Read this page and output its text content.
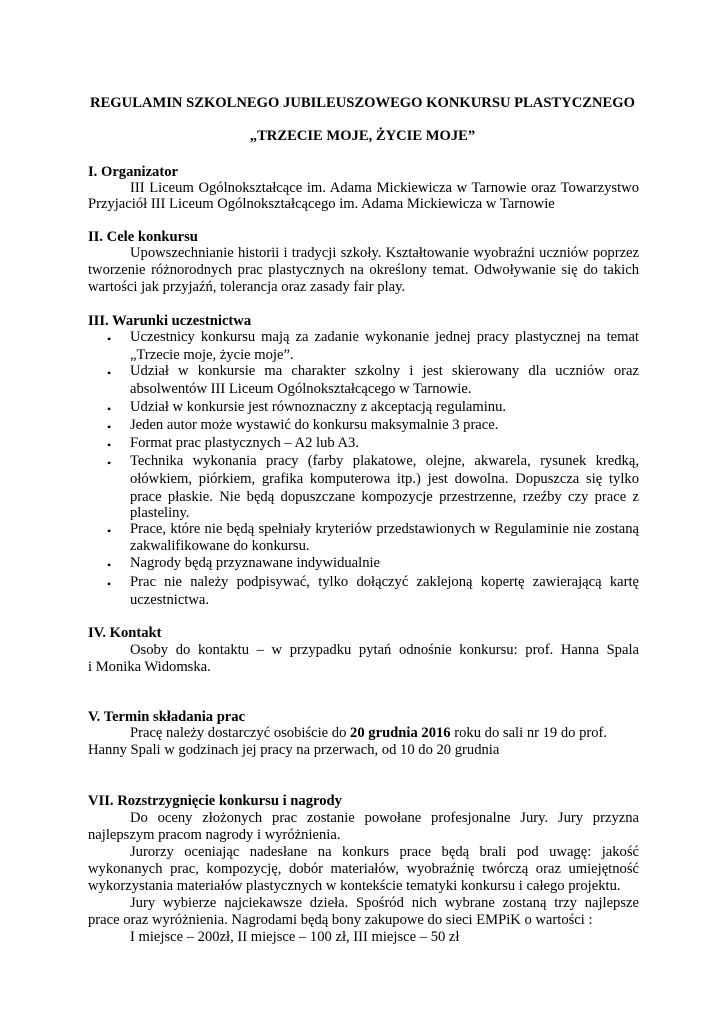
REGULAMIN SZKOLNEGO JUBILEUSZOWEGO KONKURSU PLASTYCZNEGO

„TRZECIE MOJE, ŻYCIE MOJE”

I. Organizator

III Liceum Ogólnokształcące im. Adama Mickiewicza w Tarnowie oraz Towarzystwo

Przyjaciół III Liceum Ogólnokształcącego im. Adama Mickiewicza w Tarnowie

II. Cele konkursu

Upowszechnianie historii i tradycji szkoły. Kształtowanie wyobraźni uczniów poprzez

tworzenie różnorodnych prac plastycznych na określony temat. Odwoływanie się do takich

wartości jak przyjaźń, tolerancja oraz zasady fair play.

III. Warunki uczestnictwa

• Uczestnicy konkursu mają za zadanie wykonanie jednej pracy plastycznej na temat

„Trzecie moje, życie moje”.

• Udział w konkursie ma charakter szkolny i jest skierowany dla uczniów oraz

absolwentów III Liceum Ogólnokształcącego w Tarnowie.

• Udział w konkursie jest równoznaczny z akceptacją regulaminu.

• Jeden autor może wystawić do konkursu maksymalnie 3 prace.

• Format prac plastycznych – A2 lub A3.

• Technika wykonania pracy (farby plakatowe, olejne, akwarela, rysunek kredką,

ołówkiem, piórkiem, grafika komputerowa itp.) jest dowolna. Dopuszcza się tylko

prace płaskie. Nie będą dopuszczane kompozycje przestrzenne, rzeźby czy prace z

plasteliny.

• Prace, które nie będą spełniały kryteriów przedstawionych w Regulaminie nie zostaną

zakwalifikowane do konkursu.

• Nagrody będą przyznawane indywidualnie

• Prac nie należy podpisywać, tylko dołączyć zaklejoną kopertę zawierającą kartę

uczestnictwa.

IV. Kontakt

Osoby do kontaktu – w przypadku pytań odnośnie konkursu: prof. Hanna Spala

i Monika Widomska.

V. Termin składania prac

Pracę należy dostarczyć osobiście do 20 grudnia 2016 roku do sali nr 19 do prof.

Hanny Spali w godzinach jej pracy na przerwach, od 10 do 20 grudnia

VII. Rozstrzygnięcie konkursu i nagrody

Do oceny złożonych prac zostanie powołane profesjonalne Jury. Jury przyzna

najlepszym pracom nagrody i wyróżnienia.

Jurorzy oceniając nadesłane na konkurs prace będą brali pod uwagę: jakość

wykonanych prac, kompozycję, dobór materiałów, wyobraźnię twórczą oraz umiejętność

wykorzystania materiałów plastycznych w kontekście tematyki konkursu i całego projektu.

Jury wybierze najciekawsze dzieła. Spośród nich wybrane zostaną trzy najlepsze

prace oraz wyróżnienia. Nagrodami będą bony zakupowe do sieci EMPiK o wartości :

I miejsce – 200zł, II miejsce – 100 zł, III miejsce – 50 zł
